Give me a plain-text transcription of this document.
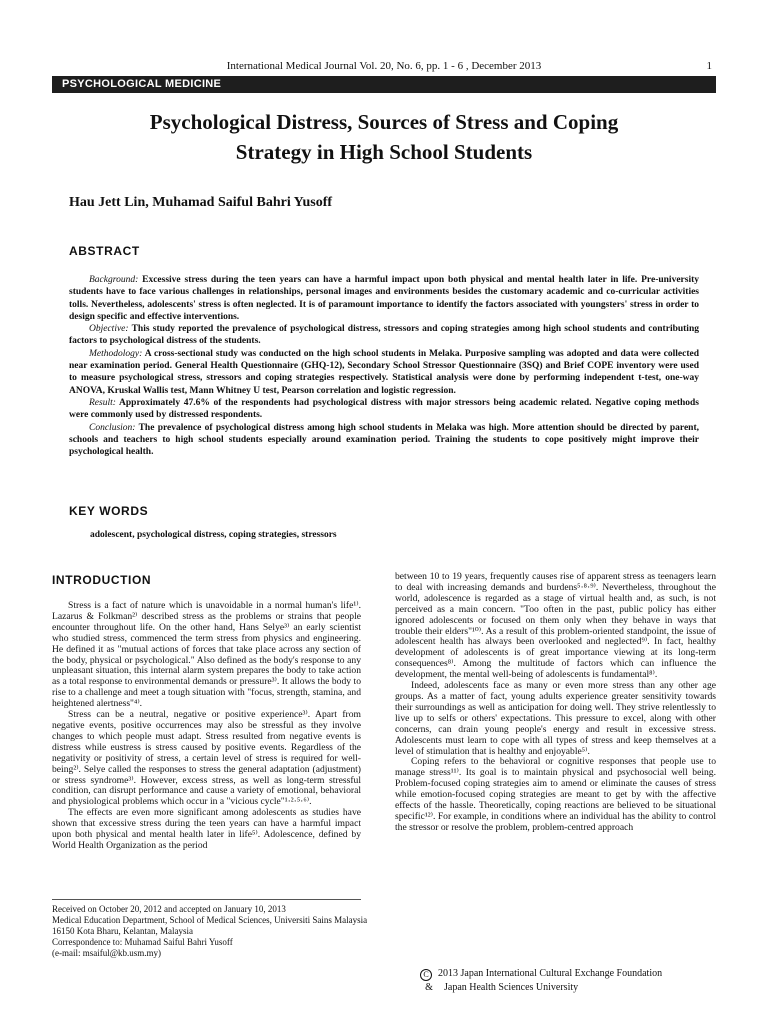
International Medical Journal Vol. 20, No. 6, pp. 1 - 6 , December 2013	1
PSYCHOLOGICAL MEDICINE
Psychological Distress, Sources of Stress and Coping
Strategy in High School Students
Hau Jett Lin, Muhamad Saiful Bahri Yusoff
ABSTRACT

Background: Excessive stress during the teen years can have a harmful impact upon both physical and mental health later in life. Pre-university students have to face various challenges in relationships, personal images and environments besides the customary academic and co-curricular activities tolls. Nevertheless, adolescents' stress is often neglected. It is of paramount importance to identify the factors associated with youngsters' stress in order to design specific and effective interventions.

Objective: This study reported the prevalence of psychological distress, stressors and coping strategies among high school students and contributing factors to psychological distress of the students.

Methodology: A cross-sectional study was conducted on the high school students in Melaka. Purposive sampling was adopted and data were collected near examination period. General Health Questionnaire (GHQ-12), Secondary School Stressor Questionnaire (3SQ) and Brief COPE inventory were used to measure psychological stress, stressors and coping strategies respectively. Statistical analysis were done by performing independent t-test, one-way ANOVA, Kruskal Wallis test, Mann Whitney U test, Pearson correlation and logistic regression.

Result: Approximately 47.6% of the respondents had psychological distress with major stressors being academic related. Negative coping methods were commonly used by distressed respondents.

Conclusion: The prevalence of psychological distress among high school students in Melaka was high. More attention should be directed by parent, schools and teachers to high school students especially around examination period. Training the students to cope positively might improve their psychological health.

KEY WORDS
adolescent, psychological distress, coping strategies, stressors
INTRODUCTION

Stress is a fact of nature which is unavoidable in a normal human's life¹⁾. Lazarus & Folkman²⁾ described stress as the problems or strains that people encounter throughout life. On the other hand, Hans Selye³⁾ an early scientist who studied stress, commenced the term stress from physics and engineering. He defined it as "mutual actions of forces that take place across any section of the body, physical or psychological." Also defined as the body's response to any unpleasant situation, this internal alarm system prepares the body to take action as a total response to environmental demands or pressure³⁾. It allows the body to rise to a challenge and meet a tough situation with "focus, strength, stamina, and heightened alertness"⁴⁾.

Stress can be a neutral, negative or positive experience³⁾. Apart from negative events, positive occurrences may also be stressful as they involve changes to which people must adapt. Stress resulted from negative events is distress while eustress is stress caused by positive events. Regardless of the negativity or positivity of stress, a certain level of stress is required for well-being²⁾. Selye called the responses to stress the general adaptation (adjustment) or stress syndrome³⁾. However, excess stress, as well as long-term stressful condition, can disrupt performance and cause a variety of emotional, behavioral and physiological problems which occur in a "vicious cycle"¹·²·⁵·⁶⁾.

The effects are even more significant among adolescents as studies have shown that excessive stress during the teen years can have a harmful impact upon both physical and mental health later in life⁵⁾. Adolescence, defined by World Health Organization as the period

between 10 to 19 years, frequently causes rise of apparent stress as teenagers learn to deal with increasing demands and burdens⁵·⁸·⁹⁾. Nevertheless, throughout the world, adolescence is regarded as a stage of virtual health and, as such, is not perceived as a main concern. "Too often in the past, public policy has either ignored adolescents or focused on them only when they behave in ways that trouble their elders"¹⁰⁾. As a result of this problem-oriented standpoint, the issue of adolescent health has always been overlooked and neglected⁹⁾. In fact, healthy development of adolescents is of great importance viewing at its long-term consequences⁸⁾. Among the multitude of factors which can influence the development, the mental well-being of adolescents is fundamental⁸⁾.

Indeed, adolescents face as many or even more stress than any other age groups. As a matter of fact, young adults experience greater sensitivity towards their surroundings as well as anticipation for doing well. They strive relentlessly to live up to selfs or others' expectations. This pressure to excel, along with other concerns, can drain young people's energy and result in excessive stress. Adolescents must learn to cope with all types of stress and keep themselves at a level of stimulation that is healthy and enjoyable⁵⁾.

Coping refers to the behavioral or cognitive responses that people use to manage stress¹¹⁾. Its goal is to maintain physical and psychosocial well being. Problem-focused coping strategies aim to amend or eliminate the causes of stress while emotion-focused coping strategies are meant to get by with the affective effects of the hassle. Theoretically, coping reactions are believed to be situational specific¹²⁾. For example, in conditions where an individual has the ability to control the stressor or resolve the problem, problem-centred approach

Received on October 20, 2012 and accepted on January 10, 2013
Medical Education Department, School of Medical Sciences, Universiti Sains Malaysia
16150 Kota Bharu, Kelantan, Malaysia
Correspondence to: Muhamad Saiful Bahri Yusoff
(e-mail: msaiful@kb.usm.my)
C 2013 Japan International Cultural Exchange Foundation
& Japan Health Sciences University
